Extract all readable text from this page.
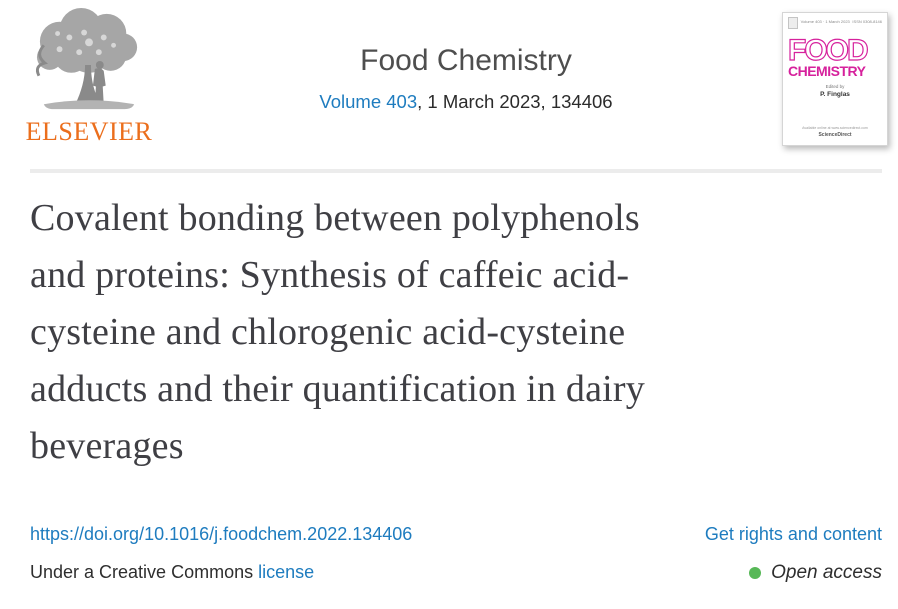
ELSEVIER
Food Chemistry
Volume 403, 1 March 2023, 134406
Volume 403 · 1 March 2023 ISSN 0308-8146
FOOD
CHEMISTRY
Edited by
P. Finglas
Available online at www.sciencedirect.com
ScienceDirect
Covalent bonding between polyphenols
and proteins: Synthesis of caffeic acid-
cysteine and chlorogenic acid-cysteine
adducts and their quantification in dairy
beverages
https://doi.org/10.1016/j.foodchem.2022.134406	Get rights and content
Under a Creative Commons license	Open access
